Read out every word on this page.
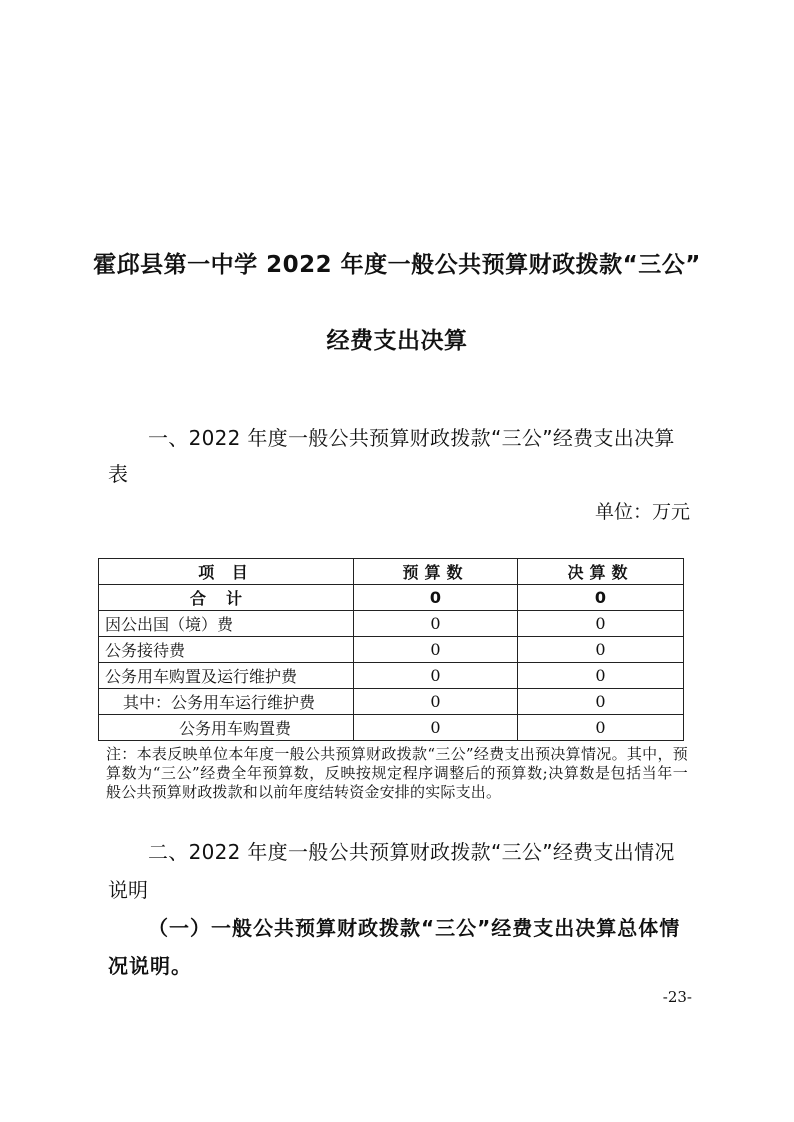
霍邱县第一中学 2022 年度一般公共预算财政拨款“三公”
经费支出决算
一、2022 年度一般公共预算财政拨款“三公”经费支出决算
表
单位：万元
项 目	预算数	决算数
合计	0	0
因公出国（境）费	0	0
公务接待费	0	0
公务用车购置及运行维护费	0	0
其中：公务用车运行维护费	0	0
公务用车购置费	0	0
注：本表反映单位本年度一般公共预算财政拨款“三公”经费支出预决算情况。其中，预算数为“三公”经费全年预算数，反映按规定程序调整后的预算数;决算数是包括当年一般公共预算财政拨款和以前年度结转资金安排的实际支出。
二、2022 年度一般公共预算财政拨款“三公”经费支出情况
说明
（一）一般公共预算财政拨款“三公”经费支出决算总体情
况说明。
-23-
